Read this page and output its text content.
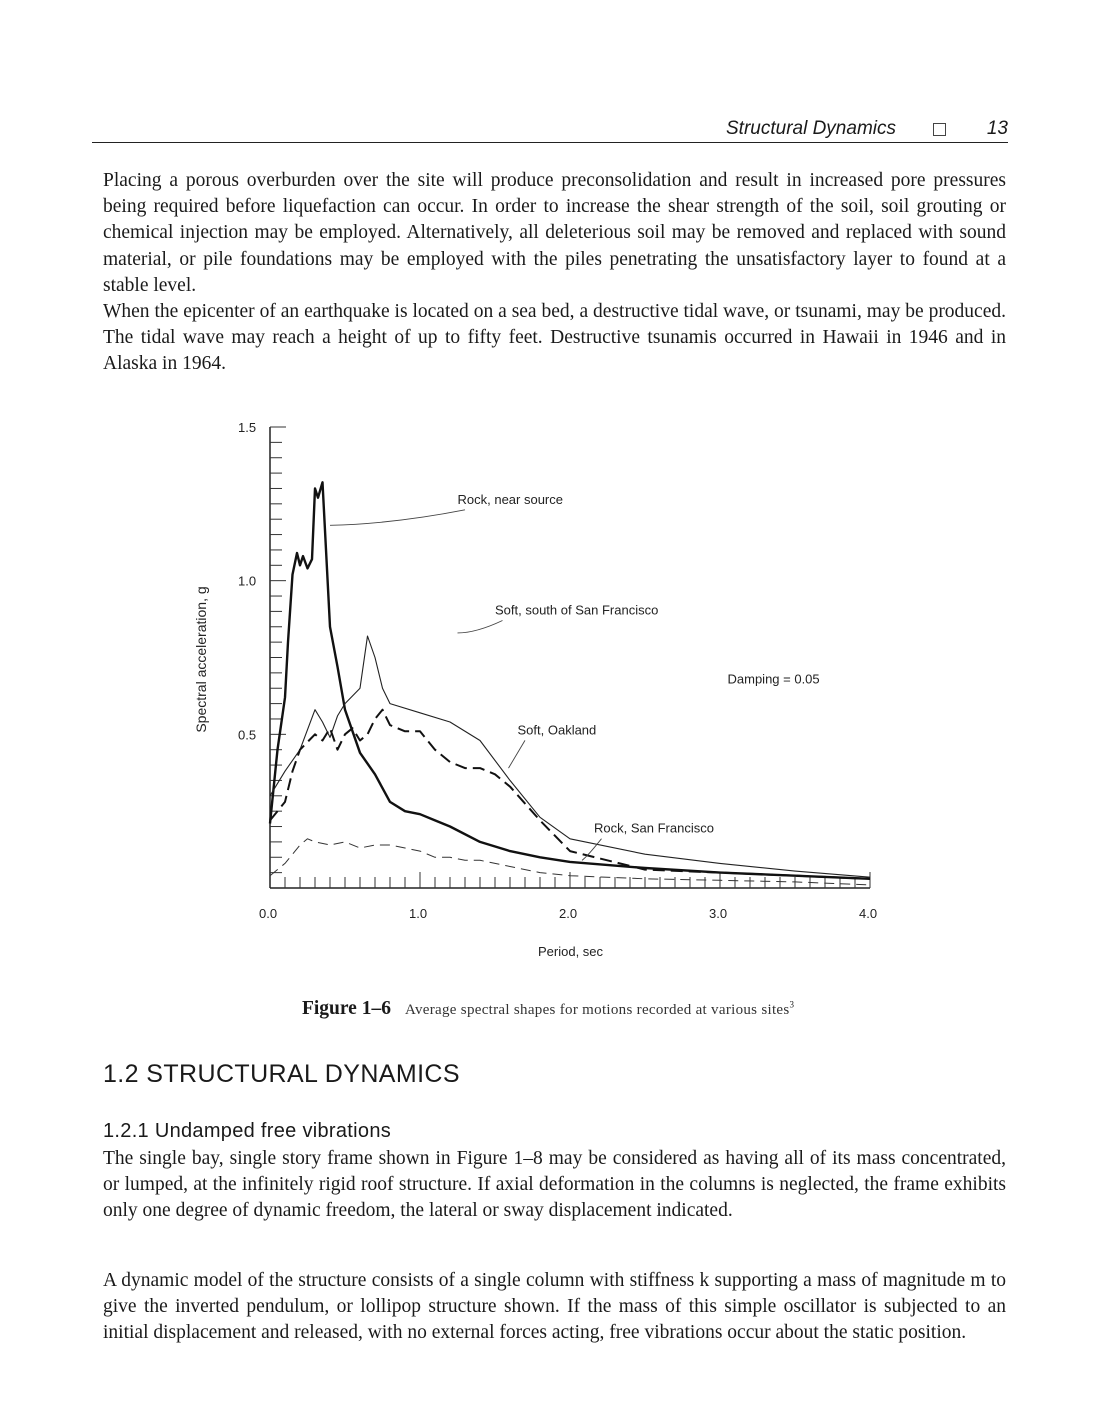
Structural Dynamics	13

Placing a porous overburden over the site will produce preconsolidation and result in increased pore pressures being required before liquefaction can occur. In order to increase the shear strength of the soil, soil grouting or chemical injection may be employed. Alternatively, all deleterious soil may be removed and replaced with sound material, or pile foundations may be employed with the piles penetrating the unsatisfactory layer to found at a stable level.
When the epicenter of an earthquake is located on a sea bed, a destructive tidal wave, or tsunami, may be produced. The tidal wave may reach a height of up to fifty feet. Destructive tsunamis occurred in Hawaii in 1946 and in Alaska in 1964.

0.5
1.0
1.5
0.0	1.0	2.0	3.0	4.0
Period, sec
Spectral acceleration, g
Rock, near source
Soft, south of San Francisco
Soft, Oakland
Rock, San Francisco
Damping = 0.05
Figure 1–6 Average spectral shapes for motions recorded at various sites$^3$
1.2 STRUCTURAL DYNAMICS
1.2.1 Undamped free vibrations

The single bay, single story frame shown in Figure 1–8 may be considered as having all of its mass concentrated, or lumped, at the infinitely rigid roof structure. If axial deformation in the columns is neglected, the frame exhibits only one degree of dynamic freedom, the lateral or sway displacement indicated.

A dynamic model of the structure consists of a single column with stiffness k supporting a mass of magnitude m to give the inverted pendulum, or lollipop structure shown. If the mass of this simple oscillator is subjected to an initial displacement and released, with no external forces acting, free vibrations occur about the static position.
